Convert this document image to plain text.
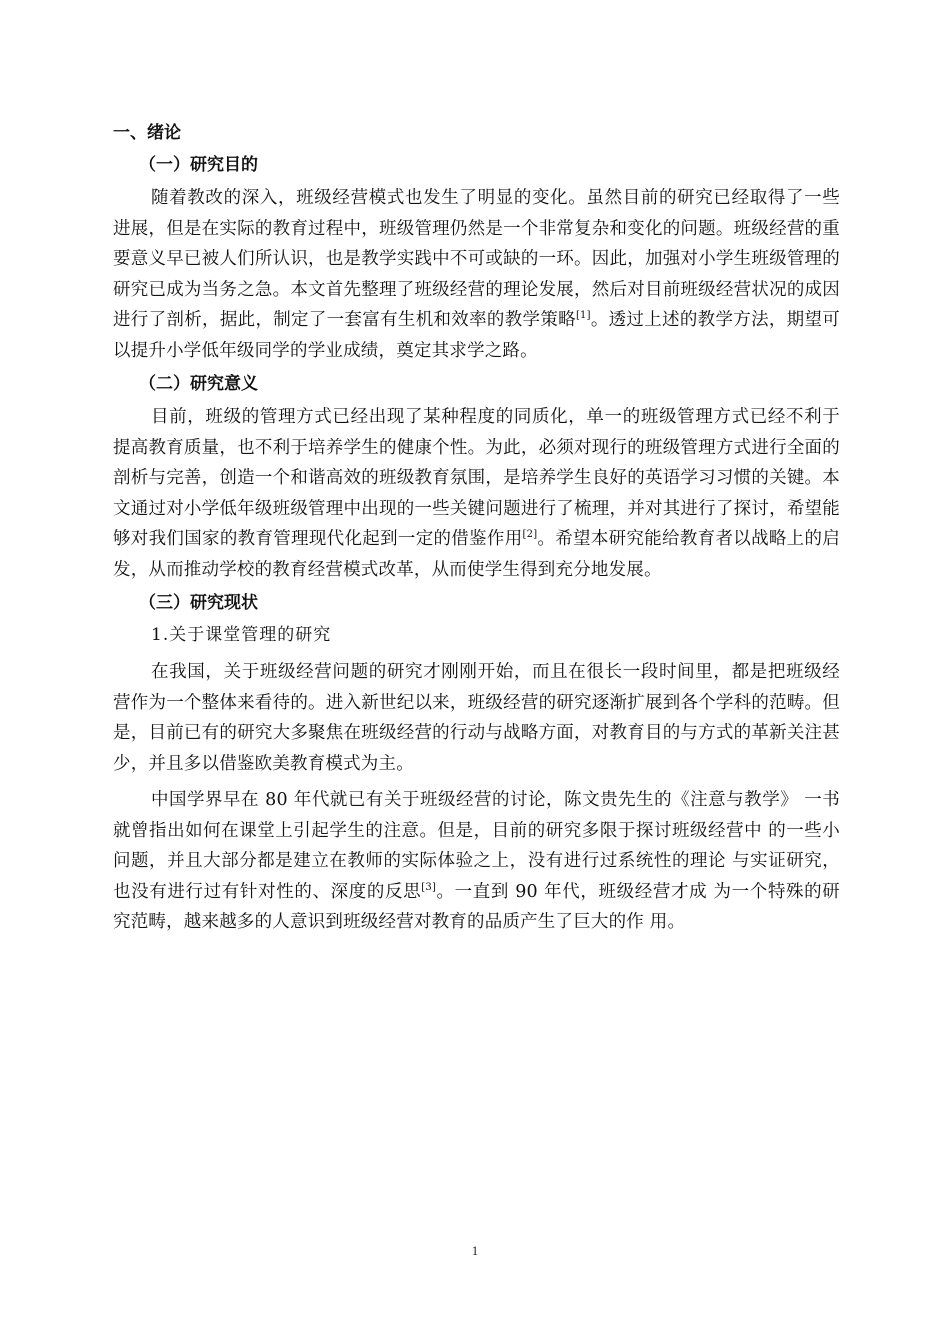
一、绪论
（一）研究目的

随着教改的深入，班级经营模式也发生了明显的变化。虽然目前的研究已经取得了一些进展，但是在实际的教育过程中，班级管理仍然是一个非常复杂和变化的问题。班级经营的重要意义早已被人们所认识，也是教学实践中不可或缺的一环。因此，加强对小学生班级管理的研究已成为当务之急。本文首先整理了班级经营的理论发展，然后对目前班级经营状况的成因进行了剖析，据此，制定了一套富有生机和效率的教学策略[1]。透过上述的教学方法，期望可以提升小学低年级同学的学业成绩，奠定其求学之路。

（二）研究意义

目前，班级的管理方式已经出现了某种程度的同质化，单一的班级管理方式已经不利于提高教育质量，也不利于培养学生的健康个性。为此，必须对现行的班级管理方式进行全面的剖析与完善，创造一个和谐高效的班级教育氛围，是培养学生良好的英语学习习惯的关键。本文通过对小学低年级班级管理中出现的一些关键问题进行了梳理，并对其进行了探讨，希望能够对我们国家的教育管理现代化起到一定的借鉴作用[2]。希望本研究能给教育者以战略上的启发，从而推动学校的教育经营模式改革，从而使学生得到充分地发展。

（三）研究现状
1.关于课堂管理的研究

在我国，关于班级经营问题的研究才刚刚开始，而且在很长一段时间里，都是把班级经营作为一个整体来看待的。进入新世纪以来，班级经营的研究逐渐扩展到各个学科的范畴。但是，目前已有的研究大多聚焦在班级经营的行动与战略方面，对教育目的与方式的革新关注甚少，并且多以借鉴欧美教育模式为主。

中国学界早在 80 年代就已有关于班级经营的讨论，陈文贵先生的《注意与教学》 一书就曾指出如何在课堂上引起学生的注意。但是，目前的研究多限于探讨班级经营中 的一些小问题，并且大部分都是建立在教师的实际体验之上，没有进行过系统性的理论 与实证研究，也没有进行过有针对性的、深度的反思[3]。一直到 90 年代，班级经营才成 为一个特殊的研究范畴，越来越多的人意识到班级经营对教育的品质产生了巨大的作 用。

1
